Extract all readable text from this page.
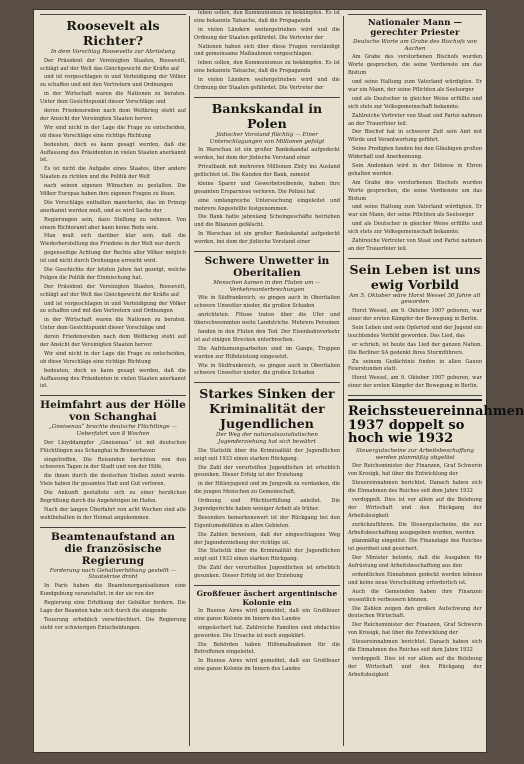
Roosevelt als Richter?
In dem Vorschlag Roosevelts zur Abrüstung

Der Präsident der Vereinigten Staaten, Roosevelt, schlägt auf der Welt das Gleichgewicht der Kräfte auf

und ist vorgeschlagen in und Verteidigung der Völker zu schaffen und mit den Vertretern und Ordnungen

in der Wirtschaft waren die Nationen zu beraten. Unter dem Gesichtspunkt dieser Vorschläge und

deren Friedensreden nach dem Weltkrieg steht auf der Ansicht der Vereinigten Staaten hervor.

Wir sind nicht in der Lage die Frage zu entscheiden, ob diese Vorschläge eine richtige Richtung

bedeuten, doch es kann gesagt werden, daß die Auffassung des Präsidenten in vielen Staaten anerkannt ist.

Es ist nicht die Aufgabe eines Staates, über andere Staaten zu richten und die Politik der Welt

nach seinen eigenen Wünschen zu gestalten. Die Völker Europas haben ihre eigenen Fragen zu lösen.

Die Vorschläge enthalten mancherlei, das im Prinzip anerkannt werden muß, und es wird Sache der

Regierungen sein, dazu Stellung zu nehmen. Von einem Richteramt aber kann keine Rede sein.

Man muß sich darüber klar sein, daß die Wiederherstellung des Friedens in der Welt nur durch

gegenseitige Achtung der Rechte aller Völker möglich ist und nicht durch Drohungen erreicht wird.

Die Geschichte der letzten Jahre hat gezeigt, welche Folgen die Politik der Einmischung hat.

Der Präsident der Vereinigten Staaten, Roosevelt, schlägt auf der Welt das Gleichgewicht der Kräfte auf

und ist vorgeschlagen in und Verteidigung der Völker zu schaffen und mit den Vertretern und Ordnungen

in der Wirtschaft waren die Nationen zu beraten. Unter dem Gesichtspunkt dieser Vorschläge und

deren Friedensreden nach dem Weltkrieg steht auf der Ansicht der Vereinigten Staaten hervor.

Wir sind nicht in der Lage die Frage zu entscheiden, ob diese Vorschläge eine richtige Richtung

bedeuten, doch es kann gesagt werden, daß die Auffassung des Präsidenten in vielen Staaten anerkannt ist.

Heimfahrt aus der Hölle von Schanghai
„Gneisenau“ brachte deutsche Flüchtlinge — Ueberfahrt von 8 Wochen

Der Lloyddampfer „Gneisenau“ ist mit deutschen Flüchtlingen aus Schanghai in Bremerhaven

eingetroffen. Die Reisenden berichten von den schweren Tagen in der Stadt und von der Hilfe,

die ihnen durch die deutschen Stellen zuteil wurde. Viele haben ihr gesamtes Hab und Gut verloren.

Die Ankunft gestaltete sich zu einer herzlichen Begrüßung durch die Angehörigen im Hafen.

Nach der langen Überfahrt von acht Wochen sind alle wohlbehalten in der Heimat angekommen.

Beamtenaufstand an die französische Regierung
Forderung nach Gehaltserhöhung gestellt — Staatskrise droht

In Paris haben die Beamtenorganisationen eine Kundgebung veranstaltet, in der sie von der

Regierung eine Erhöhung der Gehälter fordern. Die Lage der Beamten habe sich durch die steigende

Teuerung erheblich verschlechtert. Die Regierung steht vor schwierigen Entscheidungen.

leben sollen, den Kommunismus zu bekämpfen. Es ist eine bekannte Tatsache, daß die Propaganda

in vielen Ländern weitergetrieben wird und die Ordnung der Staaten gefährdet. Die Vertreter der

Nationen haben sich über diese Fragen verständigt und gemeinsame Maßnahmen vorgeschlagen.

leben sollen, den Kommunismus zu bekämpfen. Es ist eine bekannte Tatsache, daß die Propaganda

in vielen Ländern weitergetrieben wird und die Ordnung der Staaten gefährdet. Die Vertreter der

Bankskandal in Polen
Jüdischer Vorstand flüchtig — Einer Unterschlagungen von Millionen gefolgt

In Warschau ist ein großer Bankskandal aufgedeckt worden, bei dem der jüdische Vorstand einer

Privatbank mit mehreren Millionen Zloty ins Ausland geflüchtet ist. Die Kunden der Bank, zumeist

kleine Sparer und Gewerbetreibende, haben ihre gesamten Ersparnisse verloren. Die Polizei hat

eine umfangreiche Untersuchung eingeleitet und mehrere Angestellte festgenommen.

Die Bank hatte jahrelang Scheingeschäfte betrieben und die Bilanzen gefälscht.

In Warschau ist ein großer Bankskandal aufgedeckt worden, bei dem der jüdische Vorstand einer

Schwere Unwetter in Oberitalien
Menschen kamen in den Fluten um — Verkehrsunterbrechungen

Wie in Südfrankreich, so gingen auch in Oberitalien schwere Unwetter nieder, die großen Schaden

anrichteten. Flüsse traten über die Ufer und überschwemmten weite Landstriche. Mehrere Personen

fanden in den Fluten den Tod. Der Eisenbahnverkehr ist auf einigen Strecken unterbrochen.

Die Aufräumungsarbeiten sind im Gange, Truppen wurden zur Hilfeleistung eingesetzt.

Wie in Südfrankreich, so gingen auch in Oberitalien schwere Unwetter nieder, die großen Schaden

Starkes Sinken der Kriminalität der Jugendlichen
Der Weg der nationalsozialistischen Jugenderziehung hat sich bewährt

Die Statistik über die Kriminalität der Jugendlichen zeigt seit 1933 einen starken Rückgang.

Die Zahl der verurteilten Jugendlichen ist erheblich gesunken. Dieser Erfolg ist der Erziehung

in der Hitlerjugend und im Jungvolk zu verdanken, die die jungen Menschen zu Gemeinschaft,

Ordnung und Pflichterfüllung anleitet. Die Jugendgerichte haben weniger Arbeit als früher.

Besonders bemerkenswert ist der Rückgang bei den Eigentumsdelikten in allen Gebieten.

Die Zahlen beweisen, daß der eingeschlagene Weg der Jugenderziehung der richtige ist.

Die Statistik über die Kriminalität der Jugendlichen zeigt seit 1933 einen starken Rückgang.

Die Zahl der verurteilten Jugendlichen ist erheblich gesunken. Dieser Erfolg ist der Erziehung

Großfeuer äschert argentinische Kolonie ein

In Buenos Aires wird gemeldet, daß ein Großfeuer eine ganze Kolonie im Innern des Landes

eingeäschert hat. Zahlreiche Familien sind obdachlos geworden. Die Ursache ist noch ungeklärt.

Die Behörden haben Hilfsmaßnahmen für die Betroffenen eingeleitet.

In Buenos Aires wird gemeldet, daß ein Großfeuer eine ganze Kolonie im Innern des Landes

Nationaler Mann — gerechter Priester
Deutsche Worte am Grabe des Bischofs von Aachen

Am Grabe des verstorbenen Bischofs wurden Worte gesprochen, die seine Verdienste um das Bistum

und seine Haltung zum Vaterland würdigten. Er war ein Mann, der seine Pflichten als Seelsorger

und als Deutscher in gleicher Weise erfüllte und sich stets zur Volksgemeinschaft bekannte.

Zahlreiche Vertreter von Staat und Partei nahmen an der Trauerfeier teil.

Der Bischof hat in schwerer Zeit sein Amt mit Würde und Verantwortung geführt.

Seine Predigten fanden bei den Gläubigen großen Widerhall und Anerkennung.

Sein Andenken wird in der Diözese in Ehren gehalten werden.

Am Grabe des verstorbenen Bischofs wurden Worte gesprochen, die seine Verdienste um das Bistum

und seine Haltung zum Vaterland würdigten. Er war ein Mann, der seine Pflichten als Seelsorger

und als Deutscher in gleicher Weise erfüllte und sich stets zur Volksgemeinschaft bekannte.

Zahlreiche Vertreter von Staat und Partei nahmen an der Trauerfeier teil.

Sein Leben ist uns ewig Vorbild
Am 5. Oktober wäre Horst Wessel 30 Jahre alt geworden

Horst Wessel, am 9. Oktober 1907 geboren, war einer der ersten Kämpfer der Bewegung in Berlin.

Sein Leben und sein Opfertod sind der Jugend ein leuchtendes Vorbild geworden. Das Lied, das

er schrieb, ist heute das Lied der ganzen Nation. Die Berliner SA gedenkt ihres Sturmführers.

Zu seinem Gedächtnis finden in allen Gauen Feierstunden statt.

Horst Wessel, am 9. Oktober 1907 geboren, war einer der ersten Kämpfer der Bewegung in Berlin.

Reichssteuereinnahmen 1937 doppelt so hoch wie 1932
Steuergutscheine zur Arbeitsbeschaffung werden planmäßig abgelöst

Der Reichsminister der Finanzen, Graf Schwerin von Krosigk, hat über die Entwicklung der

Steuereinnahmen berichtet. Danach haben sich die Einnahmen des Reiches seit dem Jahre 1932

verdoppelt. Dies ist vor allem auf die Belebung der Wirtschaft und den Rückgang der Arbeitslosigkeit

zurückzuführen. Die Steuergutscheine, die zur Arbeitsbeschaffung ausgegeben wurden, werden

planmäßig eingelöst. Die Finanzlage des Reiches ist geordnet und gesichert.

Der Minister betonte, daß die Ausgaben für Aufrüstung und Arbeitsbeschaffung aus den

ordentlichen Einnahmen gedeckt werden können und keine neue Verschuldung erforderlich ist.

Auch die Gemeinden haben ihre Finanzen wesentlich verbessern können.

Die Zahlen zeigen den großen Aufschwung der deutschen Wirtschaft.

Der Reichsminister der Finanzen, Graf Schwerin von Krosigk, hat über die Entwicklung der

Steuereinnahmen berichtet. Danach haben sich die Einnahmen des Reiches seit dem Jahre 1932

verdoppelt. Dies ist vor allem auf die Belebung der Wirtschaft und den Rückgang der Arbeitslosigkeit
